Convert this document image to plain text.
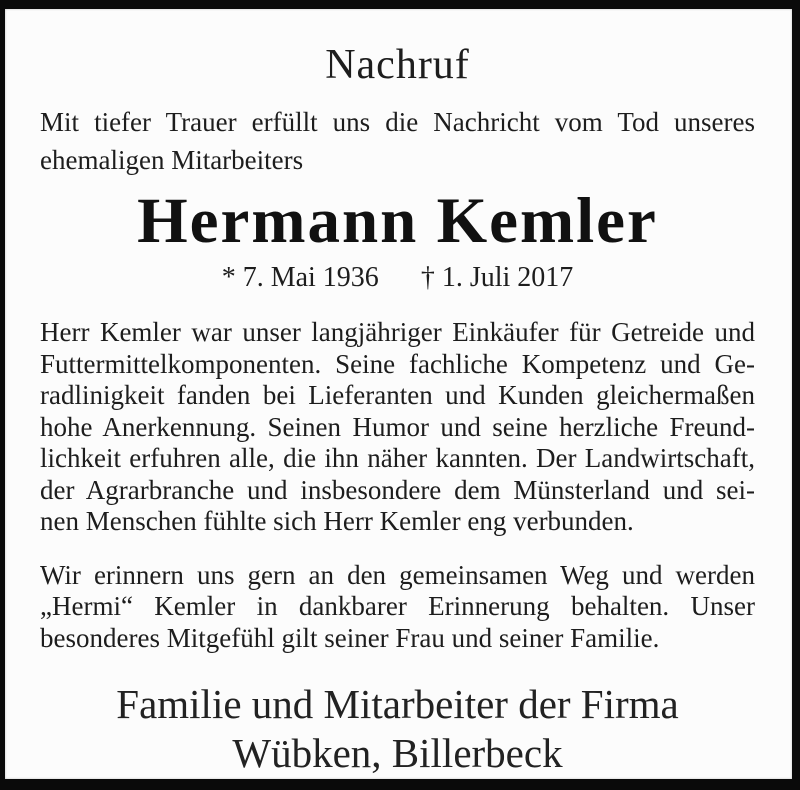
Nachruf
Mit tiefer Trauer erfüllt uns die Nachricht vom Tod unseres
ehemaligen Mitarbeiters
Hermann Kemler
* 7. Mai 1936 † 1. Juli 2017
Herr Kemler war unser langjähriger Einkäufer für Getreide und
Futtermittelkomponenten. Seine fachliche Kompetenz und Ge-
radlinigkeit fanden bei Lieferanten und Kunden gleichermaßen
hohe Anerkennung. Seinen Humor und seine herzliche Freund-
lichkeit erfuhren alle, die ihn näher kannten. Der Landwirtschaft,
der Agrarbranche und insbesondere dem Münsterland und sei-
nen Menschen fühlte sich Herr Kemler eng verbunden.
Wir erinnern uns gern an den gemeinsamen Weg und werden
„Hermi“ Kemler in dankbarer Erinnerung behalten. Unser
besonderes Mitgefühl gilt seiner Frau und seiner Familie.
Familie und Mitarbeiter der Firma
Wübken, Billerbeck
